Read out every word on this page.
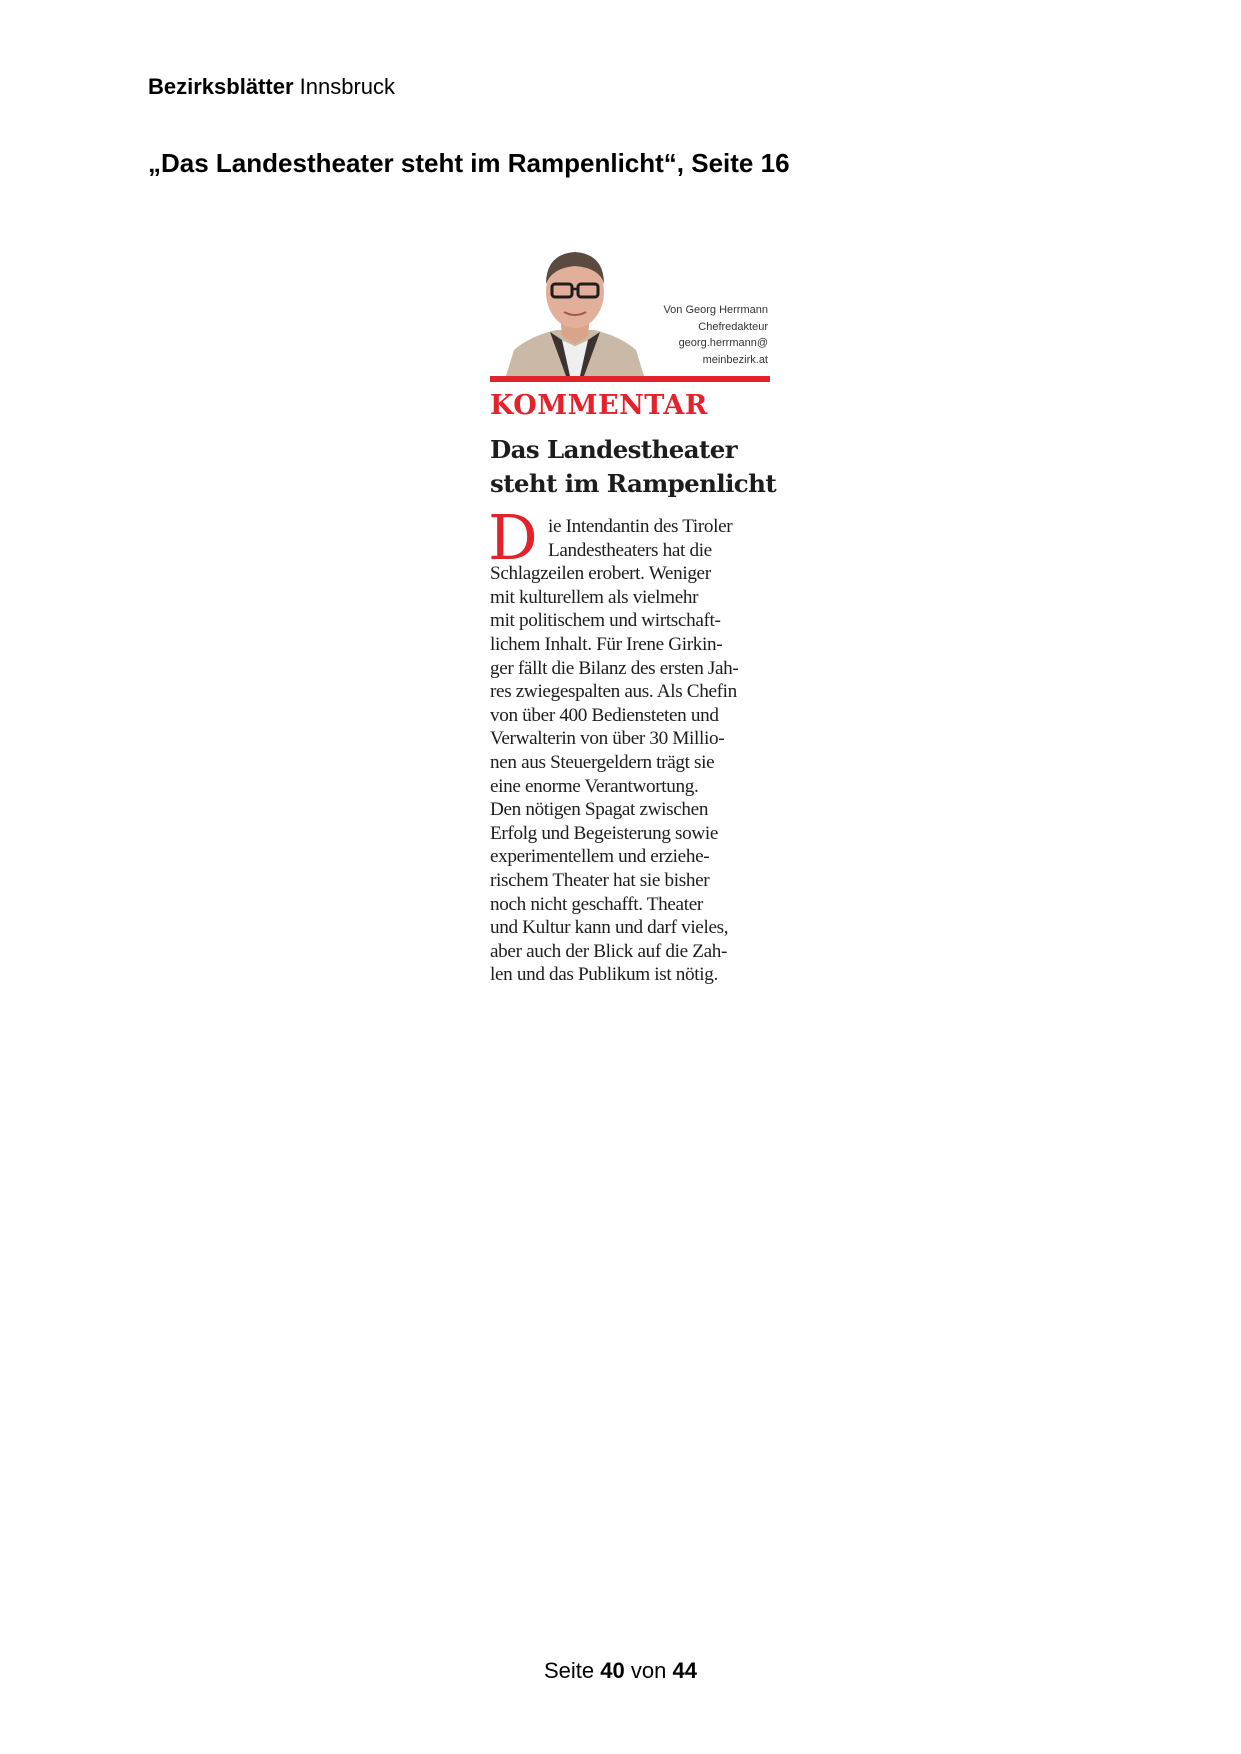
Bezirksblätter Innsbruck
„Das Landestheater steht im Rampenlicht“, Seite 16
Von Georg Herrmann
Chefredakteur
georg.herrmann@
meinbezirk.at
KOMMENTAR
Das Landestheater
steht im Rampenlicht
D ie Intendantin des Tiroler
Landestheaters hat die
Schlagzeilen erobert. Weniger
mit kulturellem als vielmehr
mit politischem und wirtschaft-
lichem Inhalt. Für Irene Girkin-
ger fällt die Bilanz des ersten Jah-
res zwiegespalten aus. Als Chefin
von über 400 Bediensteten und
Verwalterin von über 30 Millio-
nen aus Steuergeldern trägt sie
eine enorme Verantwortung.
Den nötigen Spagat zwischen
Erfolg und Begeisterung sowie
experimentellem und erziehe-
rischem Theater hat sie bisher
noch nicht geschafft. Theater
und Kultur kann und darf vieles,
aber auch der Blick auf die Zah-
len und das Publikum ist nötig.
Seite 40 von 44
